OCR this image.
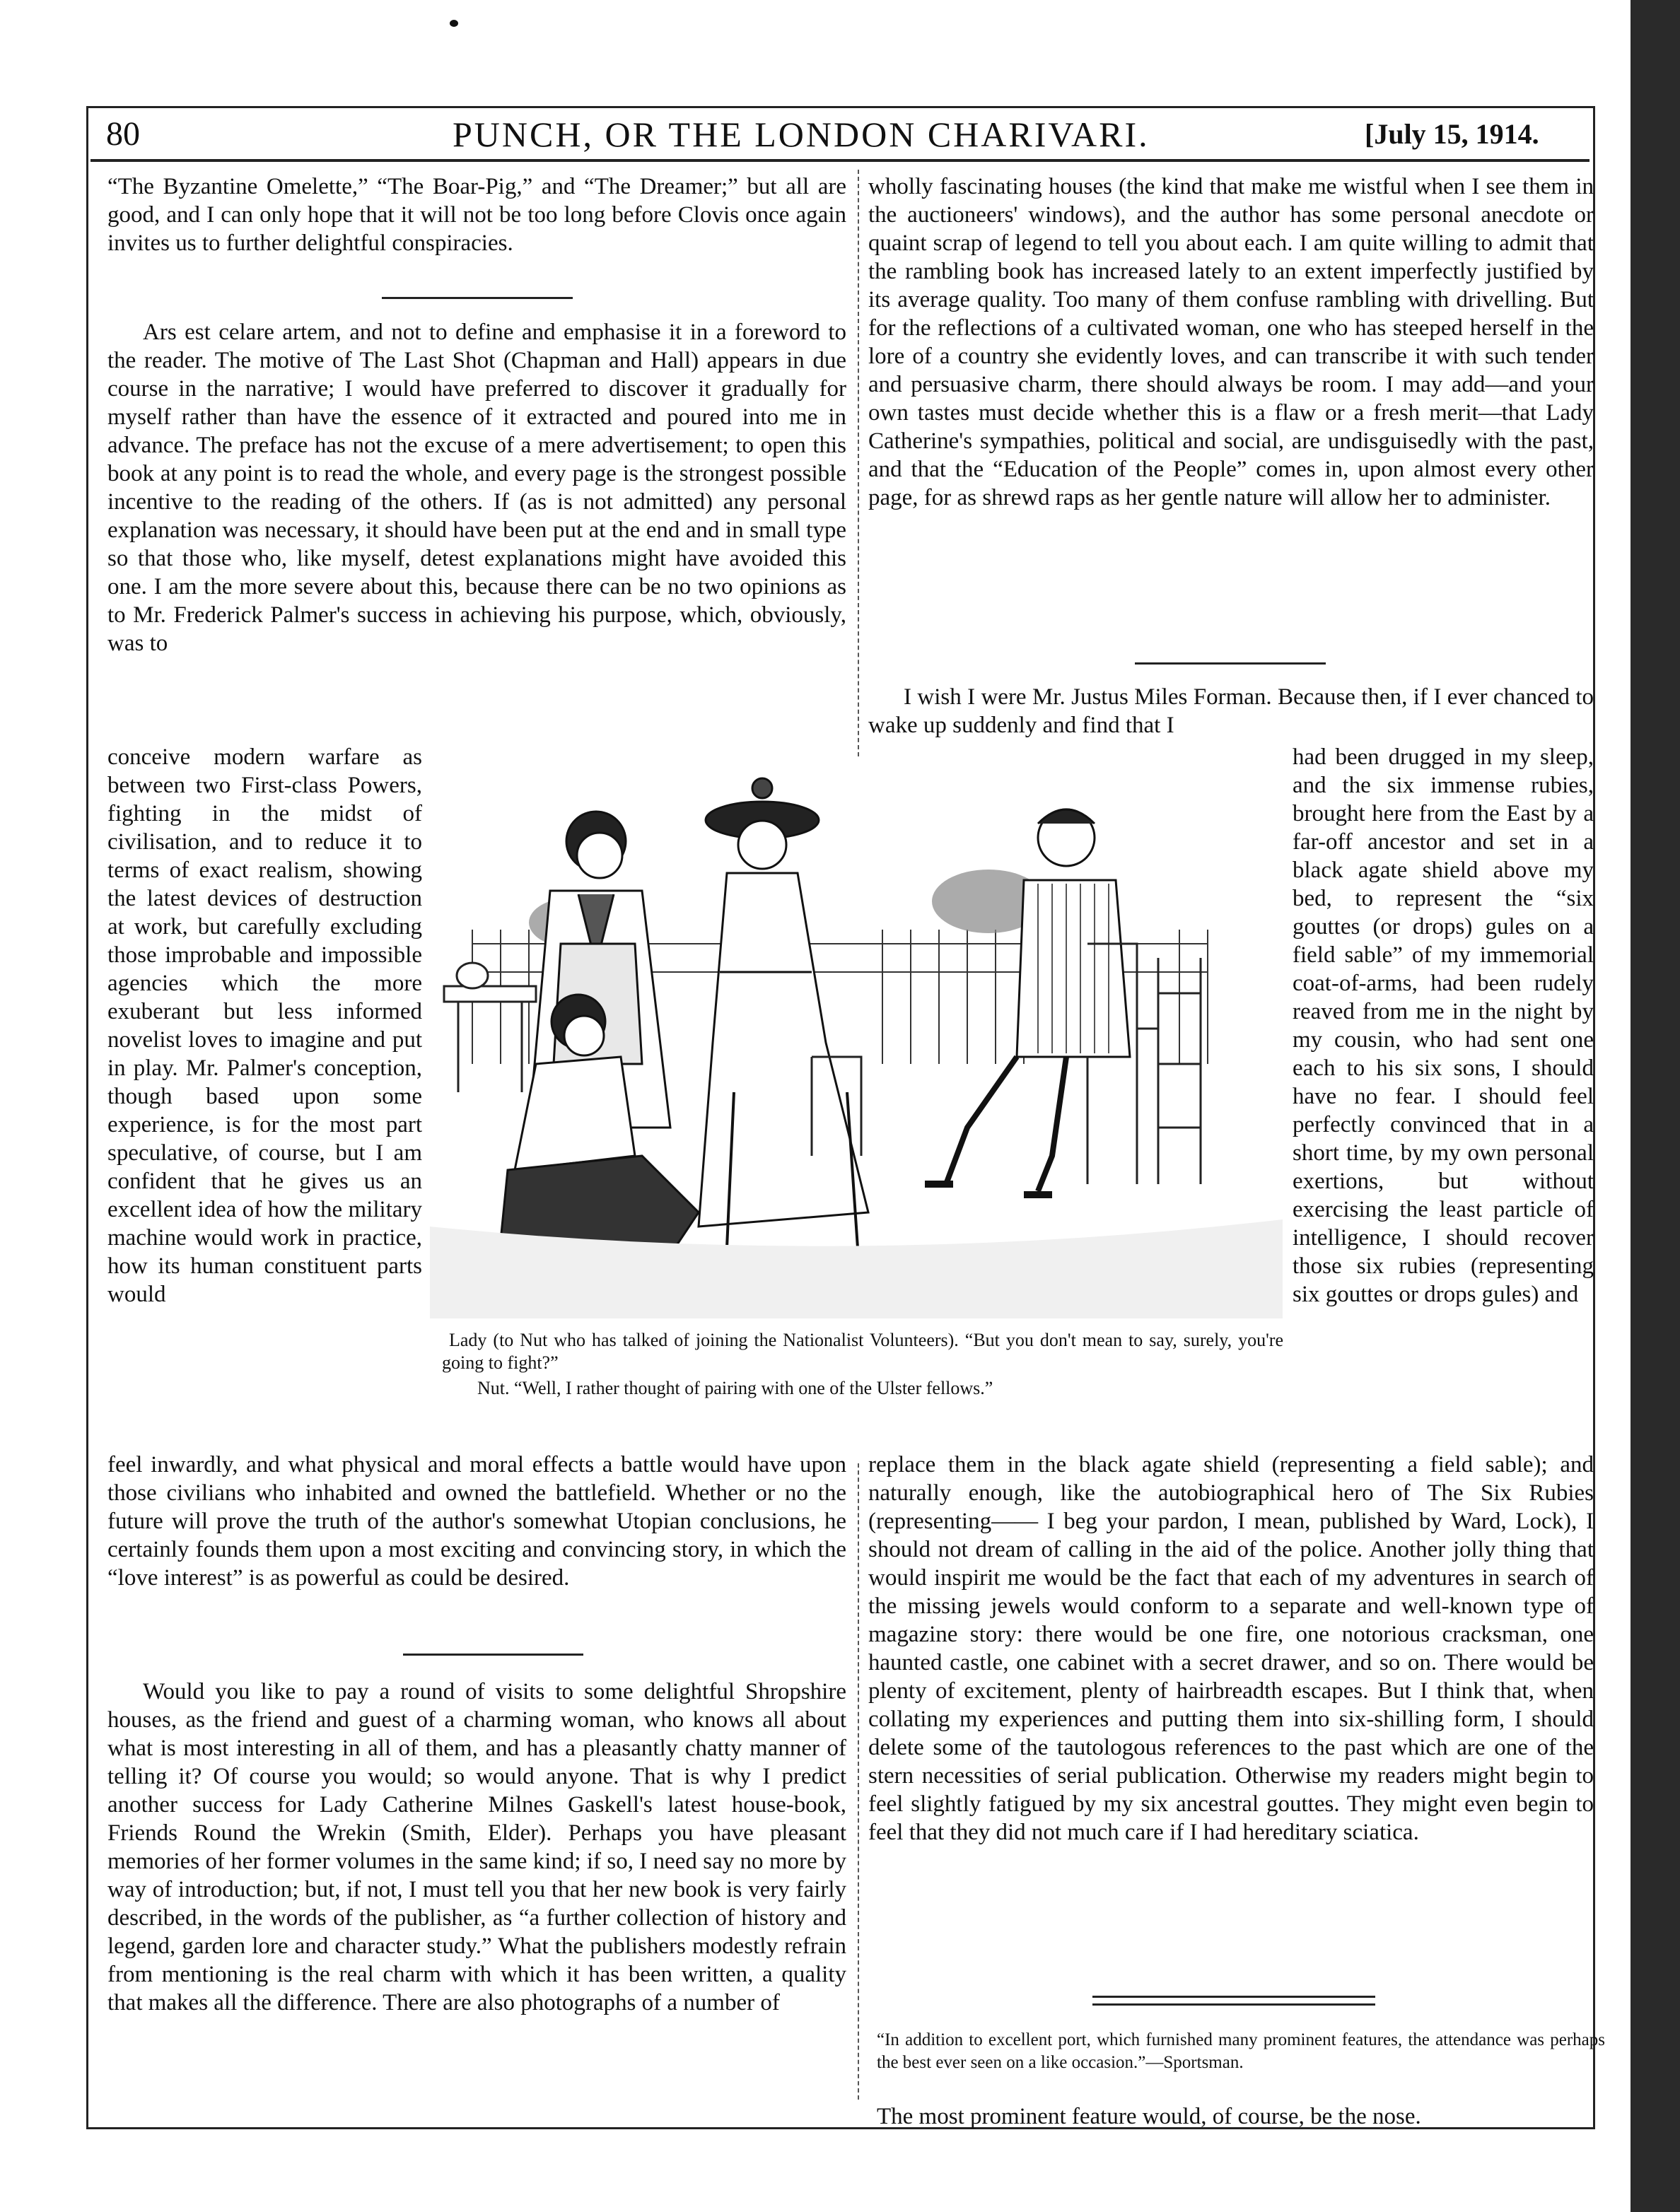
80	PUNCH, OR THE LONDON CHARIVARI.	[July 15, 1914.
“The Byzantine Omelette,” “The Boar-Pig,” and “The Dreamer;” but all are good, and I can only hope that it will not be too long before Clovis once again invites us to further delightful conspiracies.
Ars est celare artem, and not to define and emphasise it in a foreword to the reader. The motive of The Last Shot (Chapman and Hall) appears in due course in the narrative; I would have preferred to discover it gradually for myself rather than have the essence of it extracted and poured into me in advance. The preface has not the excuse of a mere advertisement; to open this book at any point is to read the whole, and every page is the strongest possible incentive to the reading of the others. If (as is not admitted) any personal explanation was necessary, it should have been put at the end and in small type so that those who, like myself, detest explanations might have avoided this one. I am the more severe about this, because there can be no two opinions as to Mr. Frederick Palmer's success in achieving his purpose, which, obviously, was to
conceive modern warfare as between two First-class Powers, fighting in the midst of civilisation, and to reduce it to terms of exact realism, showing the latest devices of destruction at work, but carefully excluding those improbable and impossible agencies which the more exuberant but less informed novelist loves to imagine and put in play. Mr. Palmer's conception, though based upon some experience, is for the most part speculative, of course, but I am confident that he gives us an excellent idea of how the military machine would work in practice, how its human constituent parts would
feel inwardly, and what physical and moral effects a battle would have upon those civilians who inhabited and owned the battlefield. Whether or no the future will prove the truth of the author's somewhat Utopian conclusions, he certainly founds them upon a most exciting and convincing story, in which the “love interest” is as powerful as could be desired.
Would you like to pay a round of visits to some delightful Shropshire houses, as the friend and guest of a charming woman, who knows all about what is most interesting in all of them, and has a pleasantly chatty manner of telling it? Of course you would; so would anyone. That is why I predict another success for Lady Catherine Milnes Gaskell's latest house-book, Friends Round the Wrekin (Smith, Elder). Perhaps you have pleasant memories of her former volumes in the same kind; if so, I need say no more by way of introduction; but, if not, I must tell you that her new book is very fairly described, in the words of the publisher, as “a further collection of history and legend, garden lore and character study.” What the publishers modestly refrain from mentioning is the real charm with which it has been written, a quality that makes all the difference. There are also photographs of a number of
wholly fascinating houses (the kind that make me wistful when I see them in the auctioneers' windows), and the author has some personal anecdote or quaint scrap of legend to tell you about each. I am quite willing to admit that the rambling book has increased lately to an extent imperfectly justified by its average quality. Too many of them confuse rambling with drivelling. But for the reflections of a cultivated woman, one who has steeped herself in the lore of a country she evidently loves, and can transcribe it with such tender and persuasive charm, there should always be room. I may add—and your own tastes must decide whether this is a flaw or a fresh merit—that Lady Catherine's sympathies, political and social, are undisguisedly with the past, and that the “Education of the People” comes in, upon almost every other page, for as shrewd raps as her gentle nature will allow her to administer.
I wish I were Mr. Justus Miles Forman. Because then, if I ever chanced to wake up suddenly and find that I
had been drugged in my sleep, and the six immense rubies, brought here from the East by a far-off ancestor and set in a black agate shield above my bed, to represent the “six gouttes (or drops) gules on a field sable” of my immemorial coat-of-arms, had been rudely reaved from me in the night by my cousin, who had sent one each to his six sons, I should have no fear. I should feel perfectly convinced that in a short time, by my own personal exertions, but without exercising the least particle of intelligence, I should recover those six rubies (representing six gouttes or drops gules) and
replace them in the black agate shield (representing a field sable); and naturally enough, like the autobiographical hero of The Six Rubies (representing—— I beg your pardon, I mean, published by Ward, Lock), I should not dream of calling in the aid of the police. Another jolly thing that would inspirit me would be the fact that each of my adventures in search of the missing jewels would conform to a separate and well-known type of magazine story: there would be one fire, one notorious cracksman, one haunted castle, one cabinet with a secret drawer, and so on. There would be plenty of excitement, plenty of hairbreadth escapes. But I think that, when collating my experiences and putting them into six-shilling form, I should delete some of the tautologous references to the past which are one of the stern necessities of serial publication. Otherwise my readers might begin to feel slightly fatigued by my six ancestral gouttes. They might even begin to feel that they did not much care if I had hereditary sciatica.
“In addition to excellent port, which furnished many prominent features, the attendance was perhaps the best ever seen on a like occasion.”—Sportsman.
The most prominent feature would, of course, be the nose.
Lady (to Nut who has talked of joining the Nationalist Volunteers). “But you don't mean to say, surely, you're going to fight?”
Nut. “Well, I rather thought of pairing with one of the Ulster fellows.”
